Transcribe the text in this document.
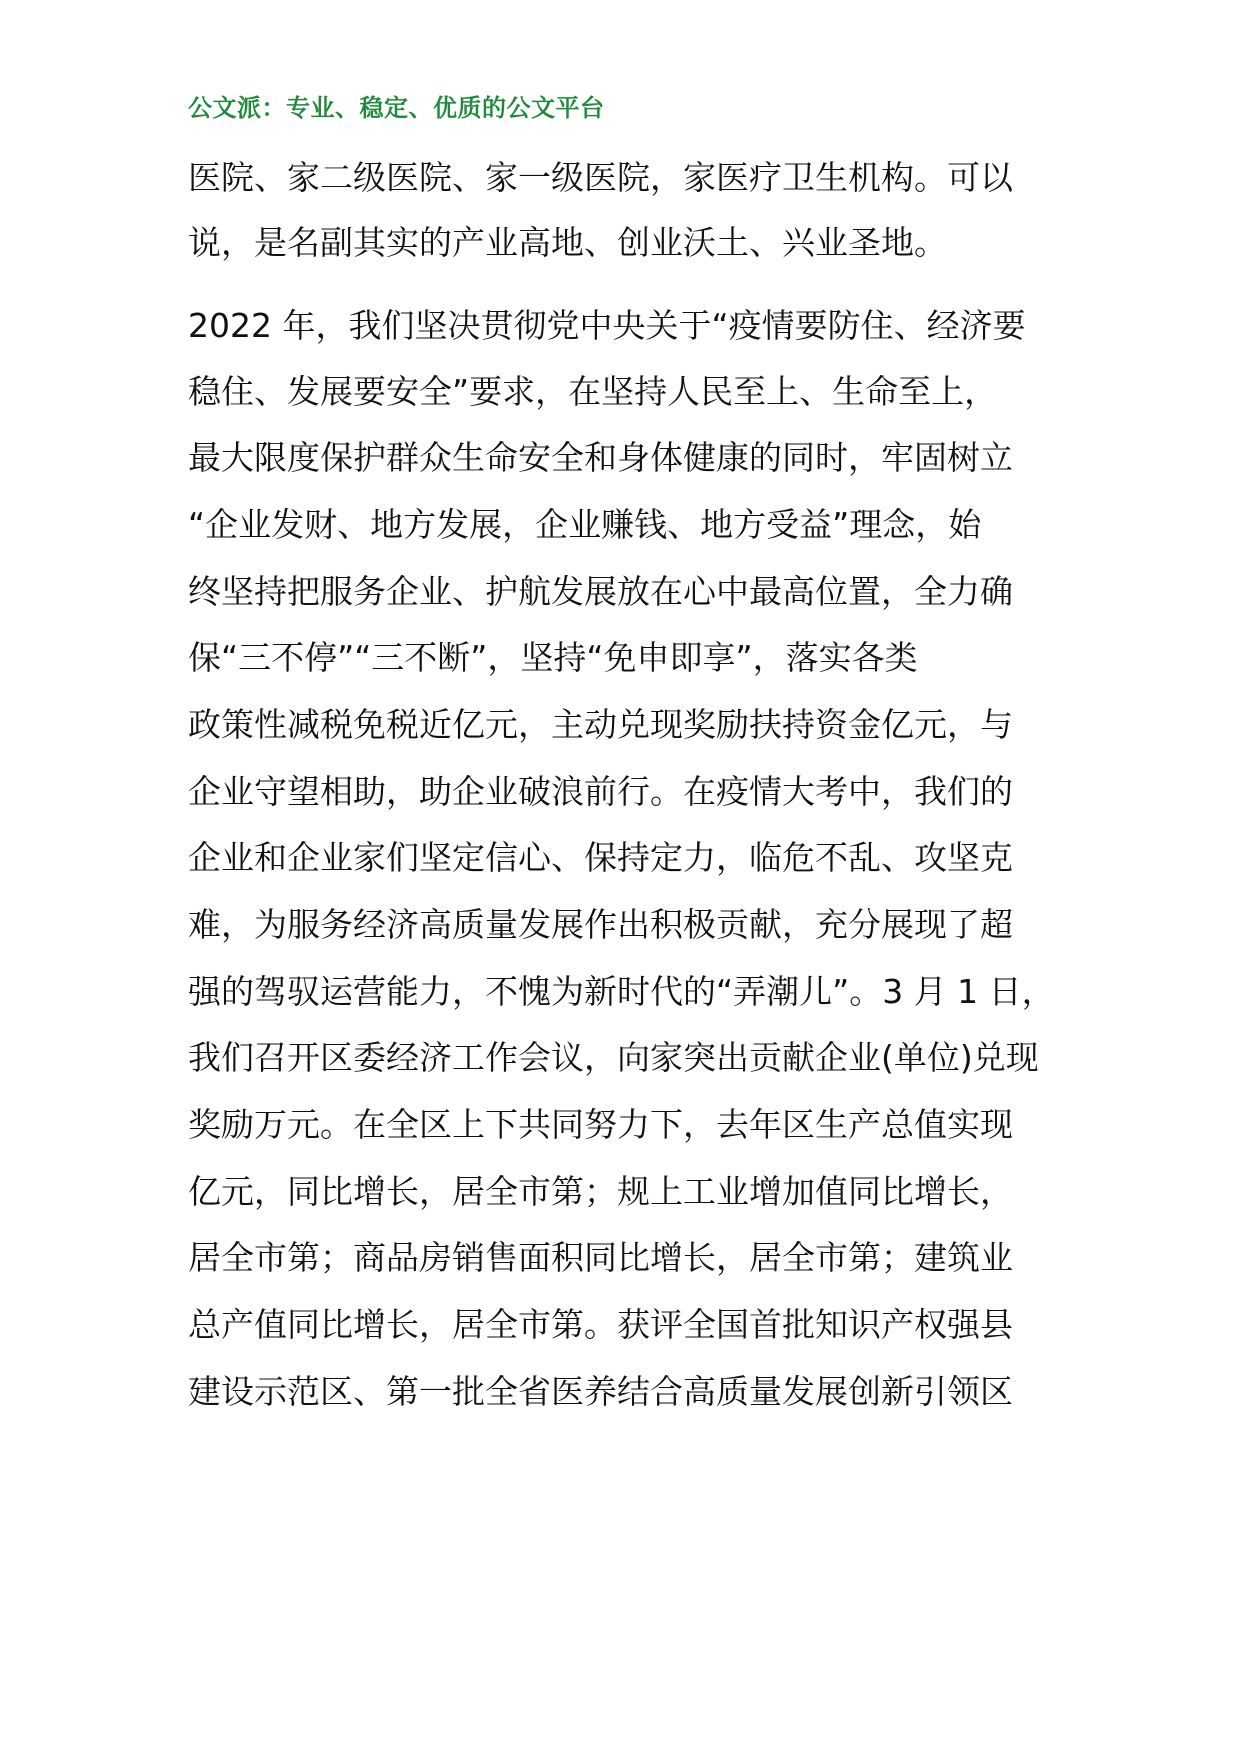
公文派：专业、稳定、优质的公文平台
医院、家二级医院、家一级医院，家医疗卫生机构。可以
说，是名副其实的产业高地、创业沃土、兴业圣地。
2022 年，我们坚决贯彻党中央关于“疫情要防住、经济要
稳住、发展要安全”要求，在坚持人民至上、生命至上，
最大限度保护群众生命安全和身体健康的同时，牢固树立
“企业发财、地方发展，企业赚钱、地方受益”理念，始
终坚持把服务企业、护航发展放在心中最高位置，全力确
保“三不停”“三不断”，坚持“免申即享”，落实各类
政策性减税免税近亿元，主动兑现奖励扶持资金亿元，与
企业守望相助，助企业破浪前行。在疫情大考中，我们的
企业和企业家们坚定信心、保持定力，临危不乱、攻坚克
难，为服务经济高质量发展作出积极贡献，充分展现了超
强的驾驭运营能力，不愧为新时代的“弄潮儿”。3 月 1 日，
我们召开区委经济工作会议，向家突出贡献企业(单位)兑现
奖励万元。在全区上下共同努力下，去年区生产总值实现
亿元，同比增长，居全市第；规上工业增加值同比增长，
居全市第；商品房销售面积同比增长，居全市第；建筑业
总产值同比增长，居全市第。获评全国首批知识产权强县
建设示范区、第一批全省医养结合高质量发展创新引领区
